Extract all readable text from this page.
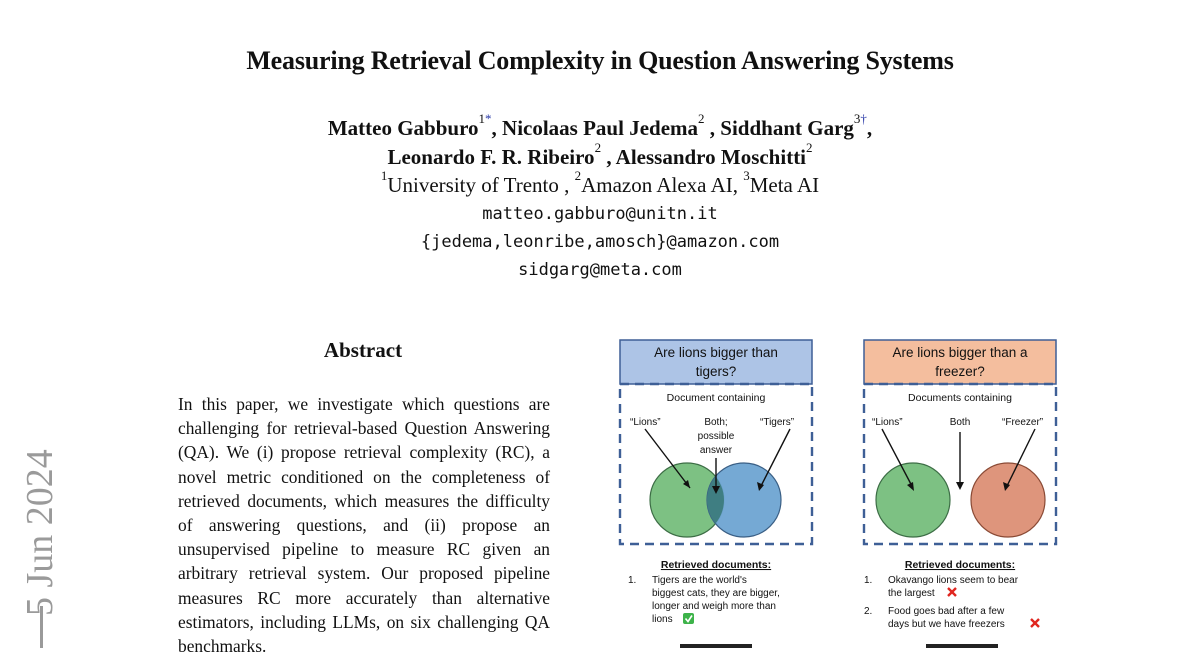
Measuring Retrieval Complexity in Question Answering Systems
Matteo Gabburo$^{1*}$, Nicolaas Paul Jedema$^2$ , Siddhant Garg$^{3\dagger}$,
Leonardo F. R. Ribeiro$^2$ , Alessandro Moschitti$^2$
$^1$University of Trento , $^2$Amazon Alexa AI, $^3$Meta AI
matteo.gabburo@unitn.it
{jedema,leonribe,amosch}@amazon.com
sidgarg@meta.com
5 Jun 2024
Abstract
In this paper, we investigate which questions are challenging for retrieval-based Question Answering (QA). We (i) propose retrieval complexity (RC), a novel metric conditioned on the completeness of retrieved documents, which measures the difficulty of answering questions, and (ii) propose an unsupervised pipeline to measure RC given an arbitrary retrieval system. Our proposed pipeline measures RC more accurately than alternative estimators, including LLMs, on six challenging QA benchmarks.
Are lions bigger than
tigers?
Document containing
“Lions”	Both;
possible
answer
“Tigers”
Retrieved documents:
1. Tigers are the world's
biggest cats, they are bigger,
longer and weigh more than
lions
Are lions bigger than a
freezer?
Documents containing
“Lions”	Both	“Freezer”
Retrieved documents:
1. Okavango lions seem to bear
the largest
2. Food goes bad after a few
days but we have freezers
